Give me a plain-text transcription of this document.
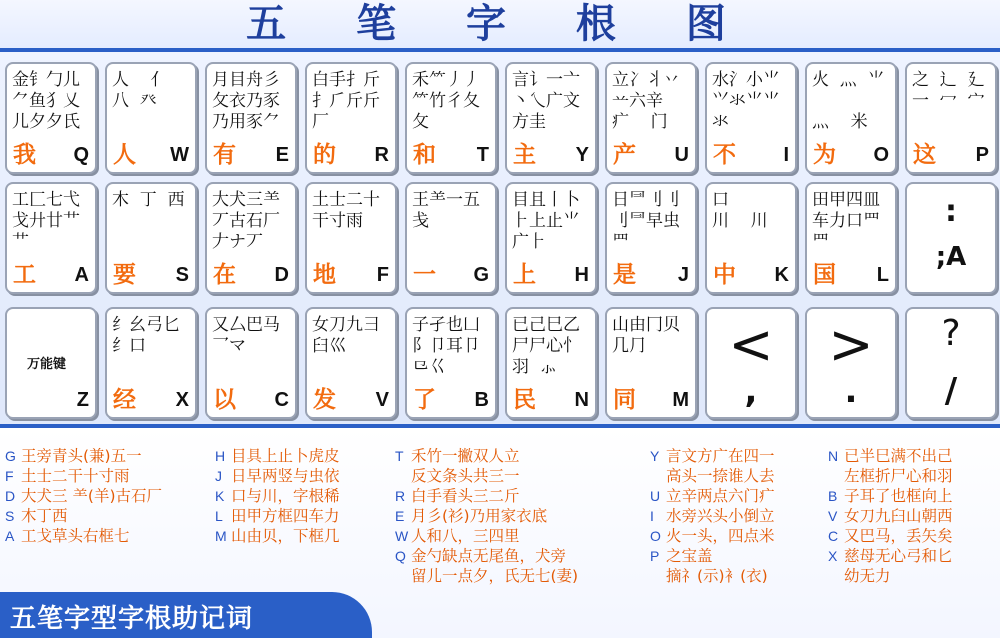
五 笔 字 根 图
金钅勹儿
⺈鱼犭乂
儿夕夕氏
我 Q
人    亻
八  癶
人 W
月目舟彡
⺙衣乃豕
乃用豕⺈
有 E
白手⺘斤
扌⺁斤斤
厂
的 R
禾⺮丿丿
⺮竹彳夂
攵
和 T
言讠一亠
丶乀广文
方圭
主 Y
立冫丬丷
䒑六辛
疒    门
产 U
水氵小⺌
⺍氺⺌⺌
氺
不 I
火  灬  ⺌

灬    米
为 O
之  辶  廴
一  冖  宀
这 P
工匚七弋
戈廾廿艹
艹
工 A
木  丁  西
要 S
大犬三⺷
丆古石厂
𠂇ナ丆
在 D
土士二十
干寸雨
地 F
王⺷一五
戋
一 G
目且丨卜
⺊上止⺌
广⺊
上 H
日⺜刂刂
刂⺜早虫
罒
是 J
口
川    川
中 K
田甲四皿
车力口罒
罒
国 L
:
;A
万能键
Z
纟幺弓匕
纟口
经 X
又厶巴马
⺂マ
以 C
女刀九彐
臼巛
发 V
子孑也凵
阝卩耳卩
⺋巜
了 B
已己巳乙
尸尸心忄
羽  ⺗
民 N
山由冂贝
几⺆
同 M
<
,
>
.
?
/
G 王旁青头(兼)五一
F 土士二干十寸雨
D 大犬三 ⺷(羊)古石厂
S 木丁西
A 工戈草头右框七
H 目具上止卜虎皮
J 日早两竖与虫依
K 口与川，字根稀
L 田甲方框四车力
M 山由贝，下框几
T 禾竹一撇双人立
反文条头共三一
R 白手看头三二斤
E 月彡(衫)乃用家衣底
W 人和八，三四里
Q 金勺缺点无尾鱼，犬旁
留儿一点夕，氏无七(妻)
Y 言文方广在四一
高头一捺谁人去
U 立辛两点六门疒
I 水旁兴头小倒立
O 火一头，四点米
P 之宝盖
摘礻(示)衤(衣)
N 已半巳满不出己
左框折尸心和羽
B 子耳了也框向上
V 女刀九臼山朝西
C 又巴马，丢矢矣
X 慈母无心弓和匕
幼无力
五笔字型字根助记词
